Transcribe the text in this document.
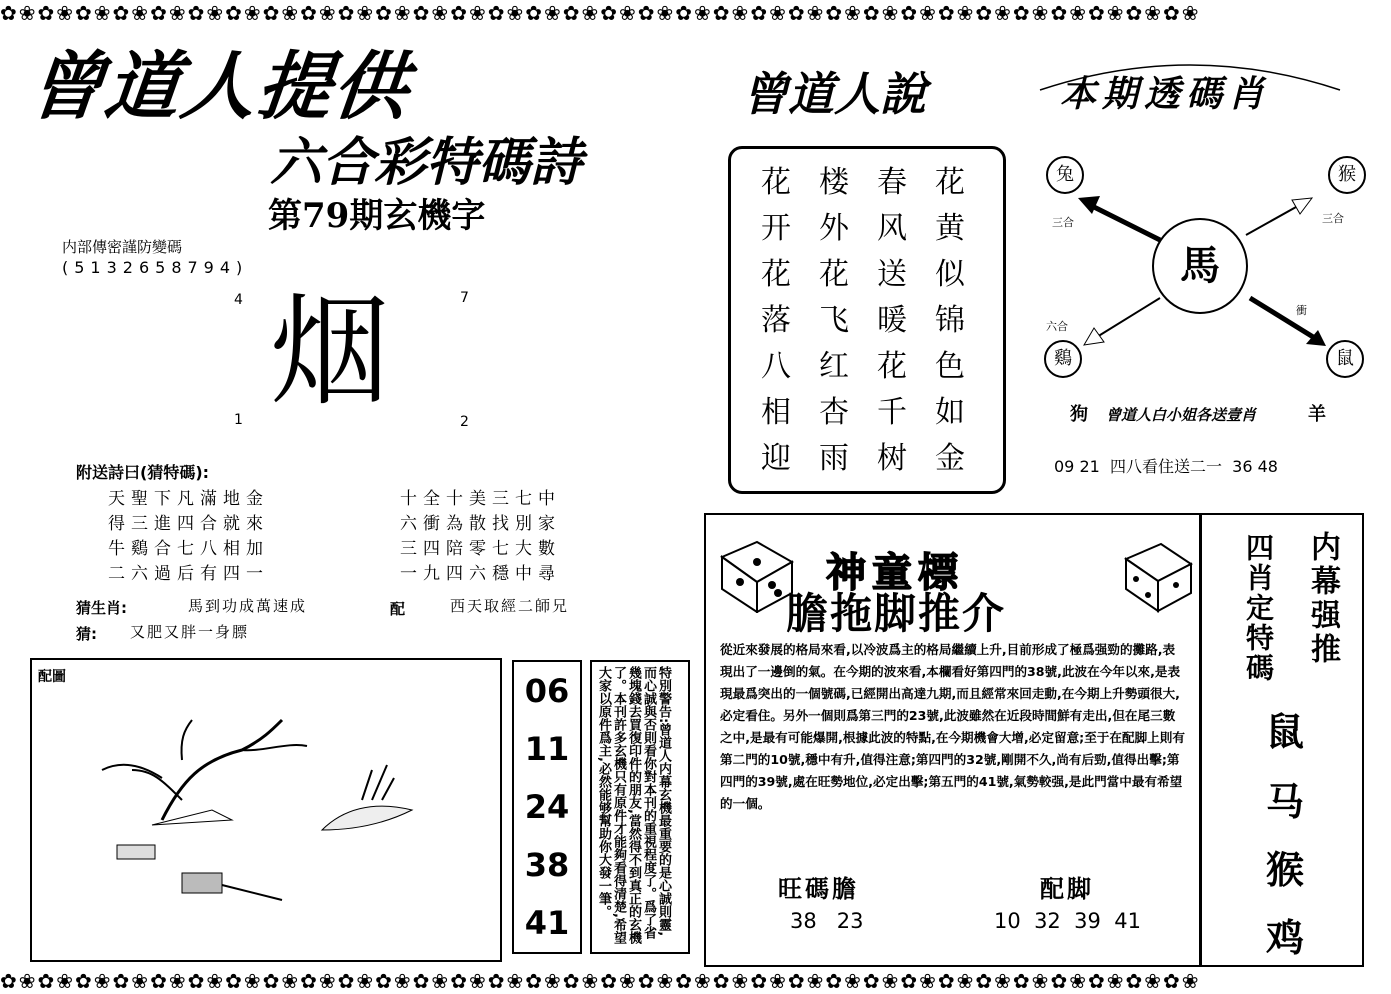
✿❀✿❀✿❀✿❀✿❀✿❀✿❀✿❀✿❀✿❀✿❀✿❀✿❀✿❀✿❀✿❀✿❀✿❀✿❀✿❀✿❀✿❀✿❀✿❀✿❀✿❀✿❀✿❀✿❀✿❀✿❀✿❀
✿❀✿❀✿❀✿❀✿❀✿❀✿❀✿❀✿❀✿❀✿❀✿❀✿❀✿❀✿❀✿❀✿❀✿❀✿❀✿❀✿❀✿❀✿❀✿❀✿❀✿❀✿❀✿❀✿❀✿❀✿❀✿❀
曾道人提供
六合彩特碼詩
第79期玄機字
内部傳密謹防變碼
(5132658794)
4	7
1	2
烟
附送詩曰(猜特碼):
天聖下凡滿地金	十全十美三七中
得三進四合就來	六衝為散找別家
牛鷄合七八相加	三四陪零七大數
二六過后有四一	一九四六穩中尋
猜生肖:	馬到功成萬速成	配	西天取經二師兄
猜: 又肥又胖一身膘
配圖	06
11
24
38
41	特別警告:曾道人内幕玄機最重要的是心誠則靈,而心誠與否則看你對本刊的重視程度了。爲了省幾塊錢去買復印件的朋友,當然得不到真正的玄機了。本刊許多玄機只有原件才能夠看得清楚,希望大家以原件爲主,必然能够幫助你大發一筆。
曾道人說
花 楼 春 花
开 外 风 黄
花 花 送 似
落 飞 暖 锦
八 红 花 色
相 杏 千 如
迎 雨 树 金
本期透碼肖
馬
兔	猴
鷄	鼠
三合	三合
六合
衝
狗 曾道人白小姐各送壹肖	羊
09 21  四八看住送二一  36 48
神童標
膽拖脚推介
從近來發展的格局來看,以冷波爲主的格局繼續上升,目前形成了極爲强勁的攤路,表現出了一邊倒的氣。在今期的波來看,本欄看好第四門的38號,此波在今年以來,是表現最爲突出的一個號碼,已經開出高達九期,而且經常來回走動,在今期上升勢頭很大,必定看住。另外一個則爲第三門的23號,此波雖然在近段時間鮮有走出,但在尾三數之中,是最有可能爆開,根據此波的特點,在今期機會大增,必定留意;至于在配脚上則有第二門的10號,穩中有升,值得注意;第四門的32號,剛開不久,尚有后勁,值得出擊;第四門的39號,處在旺勢地位,必定出擊;第五門的41號,氣勢較强,是此門當中最有希望的一個。
旺碼膽
38   23
配脚
10  32  39  41
内幕强推
四肖定特碼
鼠
马
猴
鸡
